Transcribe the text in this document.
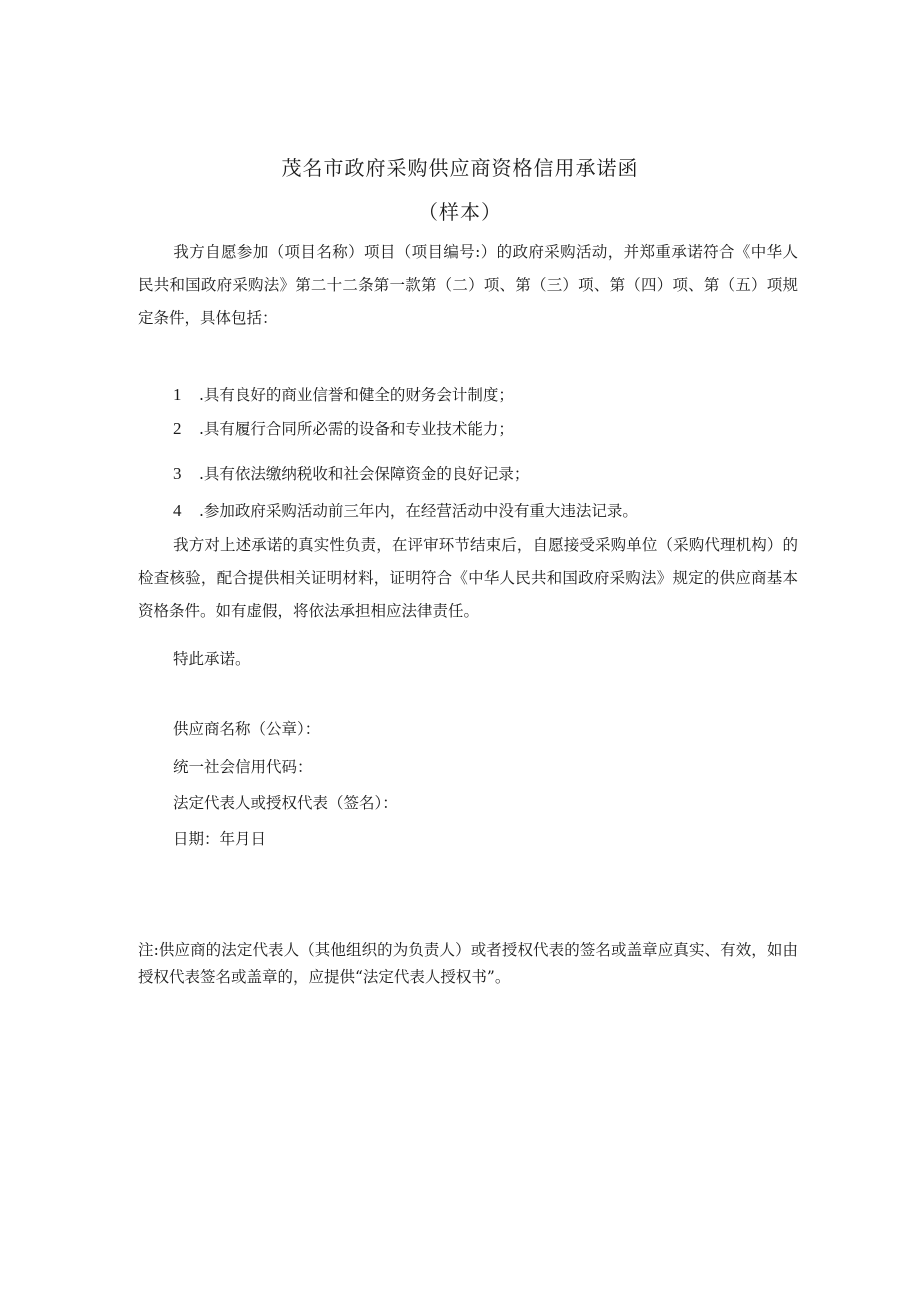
茂名市政府采购供应商资格信用承诺函
（样本）
我方自愿参加（项目名称）项目（项目编号:）的政府采购活动，并郑重承诺符合《中华人民共和国政府采购法》第二十二条第一款第（二）项、第（三）项、第（四）项、第（五）项规定条件，具体包括：
1 .具有良好的商业信誉和健全的财务会计制度；
2 .具有履行合同所必需的设备和专业技术能力；
3 .具有依法缴纳税收和社会保障资金的良好记录；
4 .参加政府采购活动前三年内，在经营活动中没有重大违法记录。
我方对上述承诺的真实性负责，在评审环节结束后，自愿接受采购单位（采购代理机构）的检查核验，配合提供相关证明材料，证明符合《中华人民共和国政府采购法》规定的供应商基本资格条件。如有虚假，将依法承担相应法律责任。
特此承诺。
供应商名称（公章）：
统一社会信用代码：
法定代表人或授权代表（签名）：
日期：年月日
注:供应商的法定代表人（其他组织的为负责人）或者授权代表的签名或盖章应真实、有效，如由授权代表签名或盖章的，应提供“法定代表人授权书”。
